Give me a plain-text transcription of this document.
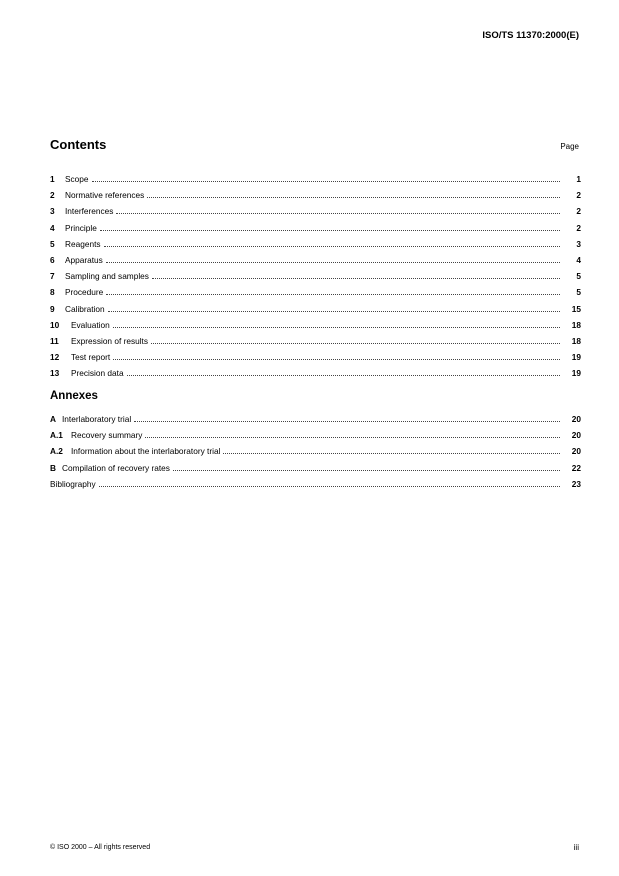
ISO/TS 11370:2000(E)
Contents	Page
1	Scope	1
2	Normative references	2
3	Interferences	2
4	Principle	2
5	Reagents	3
6	Apparatus	4
7	Sampling and samples	5
8	Procedure	5
9	Calibration	15
10	Evaluation	18
11	Expression of results	18
12	Test report	19
13	Precision data	19
Annexes
A Interlaboratory trial	20
A.1 Recovery summary	20
A.2 Information about the interlaboratory trial	20
B Compilation of recovery rates	22
Bibliography	23
© ISO 2000 – All rights reserved	iii
